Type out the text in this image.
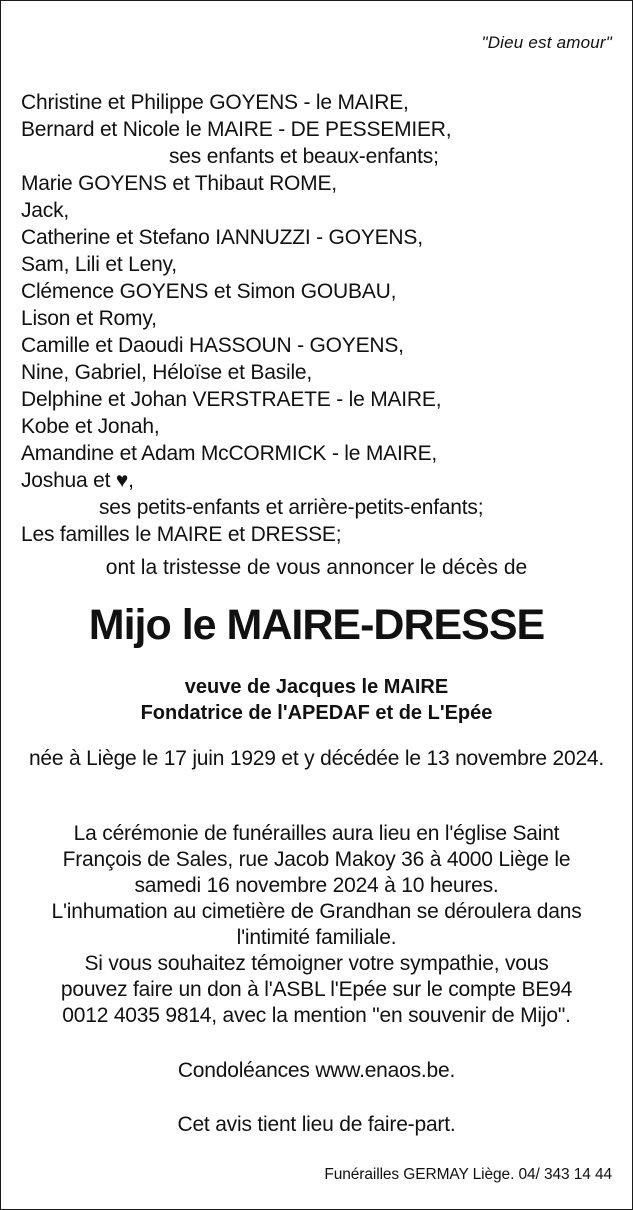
"Dieu est amour"
Christine et Philippe GOYENS - le MAIRE,
Bernard et Nicole le MAIRE - DE PESSEMIER,
ses enfants et beaux-enfants;
Marie GOYENS et Thibaut ROME,
Jack,
Catherine et Stefano IANNUZZI - GOYENS,
Sam, Lili et Leny,
Clémence GOYENS et Simon GOUBAU,
Lison et Romy,
Camille et Daoudi HASSOUN - GOYENS,
Nine, Gabriel, Héloïse et Basile,
Delphine et Johan VERSTRAETE - le MAIRE,
Kobe et Jonah,
Amandine et Adam McCORMICK - le MAIRE,
Joshua et ♥,
ses petits-enfants et arrière-petits-enfants;
Les familles le MAIRE et DRESSE;
ont la tristesse de vous annoncer le décès de
Mijo le MAIRE-DRESSE
veuve de Jacques le MAIRE
Fondatrice de l'APEDAF et de L'Epée
née à Liège le 17 juin 1929 et y décédée le 13 novembre 2024.
La cérémonie de funérailles aura lieu en l'église Saint
François de Sales, rue Jacob Makoy 36 à 4000 Liège le
samedi 16 novembre 2024 à 10 heures.
L'inhumation au cimetière de Grandhan se déroulera dans
l'intimité familiale.
Si vous souhaitez témoigner votre sympathie, vous
pouvez faire un don à l'ASBL l'Epée sur le compte BE94
0012 4035 9814, avec la mention "en souvenir de Mijo".
Condoléances www.enaos.be.
Cet avis tient lieu de faire-part.
Funérailles GERMAY Liège. 04/ 343 14 44
